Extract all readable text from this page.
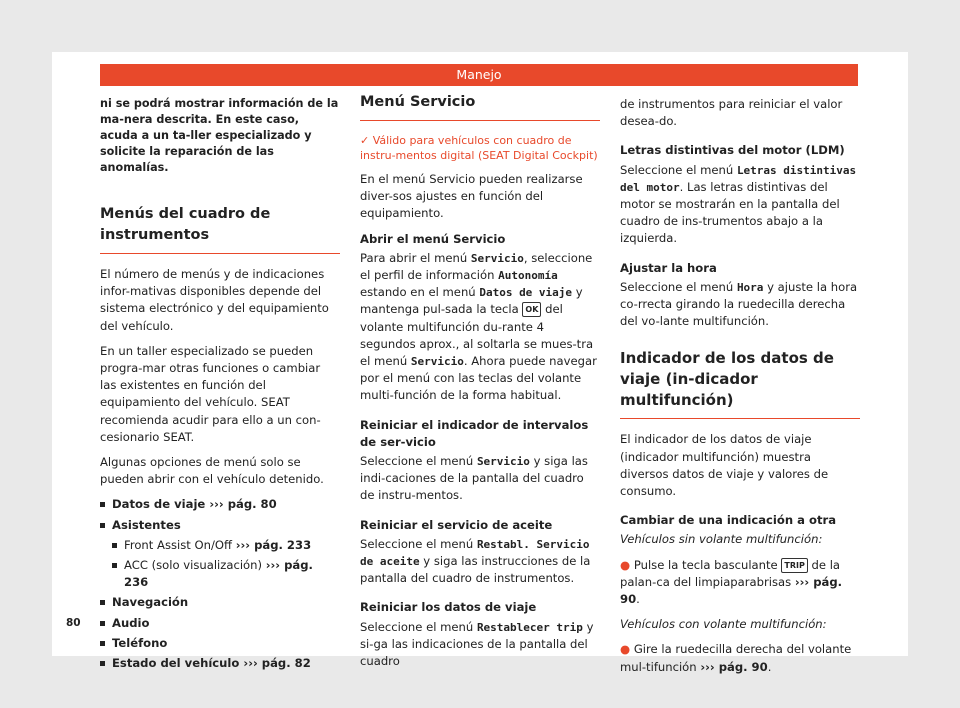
Manejo

ni se podrá mostrar información de la ma-nera descrita. En este caso, acuda a un ta-ller especializado y solicite la reparación de las anomalías.

Menús del cuadro de instrumentos

El número de menús y de indicaciones infor-mativas disponibles depende del sistema electrónico y del equipamiento del vehículo.

En un taller especializado se pueden progra-mar otras funciones o cambiar las existentes en función del equipamiento del vehículo. SEAT recomienda acudir para ello a un con-cesionario SEAT.

Algunas opciones de menú solo se pueden abrir con el vehículo detenido.

Datos de viaje ››› pág. 80
Asistentes
Front Assist On/Off ››› pág. 233
ACC (solo visualización) ››› pág. 236
Navegación
Audio
Teléfono
Estado del vehículo ››› pág. 82
Menú Servicio

✓ Válido para vehículos con cuadro de instru-mentos digital (SEAT Digital Cockpit)

En el menú Servicio pueden realizarse diver-sos ajustes en función del equipamiento.

Abrir el menú Servicio

Para abrir el menú Servicio, seleccione el perfil de información Autonomía estando en el menú Datos de viaje y mantenga pul-sada la tecla OK del volante multifunción du-rante 4 segundos aprox., al soltarla se mues-tra el menú Servicio. Ahora puede navegar por el menú con las teclas del volante multi-función de la forma habitual.

Reiniciar el indicador de intervalos de ser-vicio

Seleccione el menú Servicio y siga las indi-caciones de la pantalla del cuadro de instru-mentos.

Reiniciar el servicio de aceite

Seleccione el menú Restabl. Servicio de aceite y siga las instrucciones de la pantalla del cuadro de instrumentos.

Reiniciar los datos de viaje

Seleccione el menú Restablecer trip y si-ga las indicaciones de la pantalla del cuadro

de instrumentos para reiniciar el valor desea-do.

Letras distintivas del motor (LDM)

Seleccione el menú Letras distintivas del motor. Las letras distintivas del motor se mostrarán en la pantalla del cuadro de ins-trumentos abajo a la izquierda.

Ajustar la hora

Seleccione el menú Hora y ajuste la hora co-rrecta girando la ruedecilla derecha del vo-lante multifunción.

Indicador de los datos de viaje (in-dicador multifunción)

El indicador de los datos de viaje (indicador multifunción) muestra diversos datos de viaje y valores de consumo.

Cambiar de una indicación a otra

Vehículos sin volante multifunción:

● Pulse la tecla basculante TRIP de la palan-ca del limpiaparabrisas ››› pág. 90.

Vehículos con volante multifunción:

● Gire la ruedecilla derecha del volante mul-tifunción ››› pág. 90.

80
